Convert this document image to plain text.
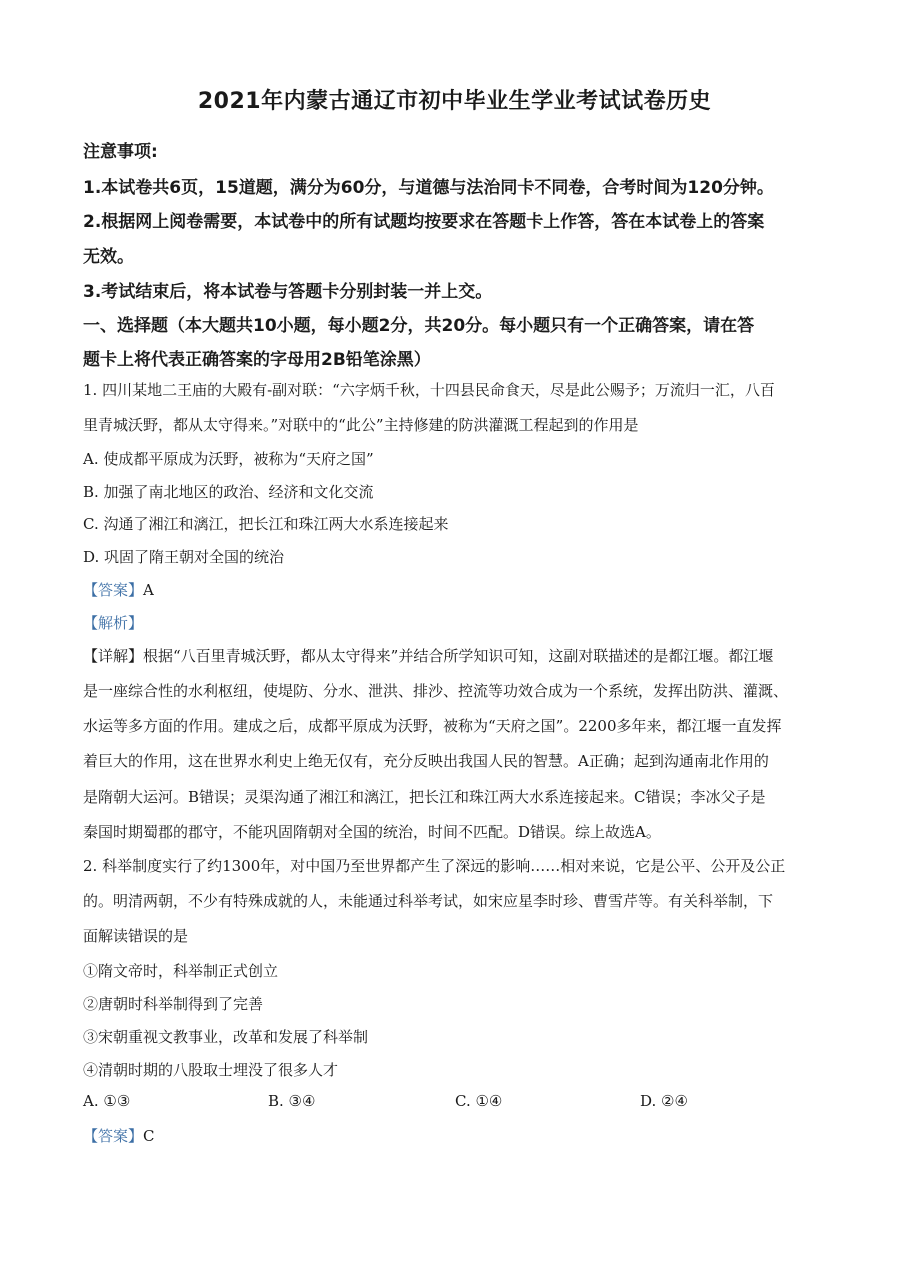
2021年内蒙古通辽市初中毕业生学业考试试卷历史
注意事项:
1.本试卷共6页，15道题，满分为60分，与道德与法治同卡不同卷，合考时间为120分钟。
2.根据网上阅卷需要，本试卷中的所有试题均按要求在答题卡上作答，答在本试卷上的答案
无效。
3.考试结束后，将本试卷与答题卡分别封装一并上交。
一、选择题（本大题共10小题，每小题2分，共20分。每小题只有一个正确答案，请在答
题卡上将代表正确答案的字母用2B铅笔涂黑）
1. 四川某地二王庙的大殿有-副对联：“六字炳千秋，十四县民命食天，尽是此公赐予；万流归一汇，八百
里青城沃野，都从太守得来。”对联中的“此公”主持修建的防洪灌溉工程起到的作用是
A. 使成都平原成为沃野，被称为“天府之国”
B. 加强了南北地区的政治、经济和文化交流
C. 沟通了湘江和漓江，把长江和珠江两大水系连接起来
D. 巩固了隋王朝对全国的统治
【答案】A
【解析】
【详解】根据“八百里青城沃野，都从太守得来”并结合所学知识可知，这副对联描述的是都江堰。都江堰
是一座综合性的水利枢纽，使堤防、分水、泄洪、排沙、控流等功效合成为一个系统，发挥出防洪、灌溉、
水运等多方面的作用。建成之后，成都平原成为沃野，被称为“天府之国”。2200多年来，都江堰一直发挥
着巨大的作用，这在世界水利史上绝无仅有，充分反映出我国人民的智慧。A正确；起到沟通南北作用的
是隋朝大运河。B错误；灵渠沟通了湘江和漓江，把长江和珠江两大水系连接起来。C错误；李冰父子是
秦国时期蜀郡的郡守，不能巩固隋朝对全国的统治，时间不匹配。D错误。综上故选A。
2. 科举制度实行了约1300年，对中国乃至世界都产生了深远的影响……相对来说，它是公平、公开及公正
的。明清两朝，不少有特殊成就的人，未能通过科举考试，如宋应星李时珍、曹雪芹等。有关科举制，下
面解读错误的是
①隋文帝时，科举制正式创立
②唐朝时科举制得到了完善
③宋朝重视文教事业，改革和发展了科举制
④清朝时期的八股取士埋没了很多人才
A. ①③	B. ③④	C. ①④	D. ②④
【答案】C
